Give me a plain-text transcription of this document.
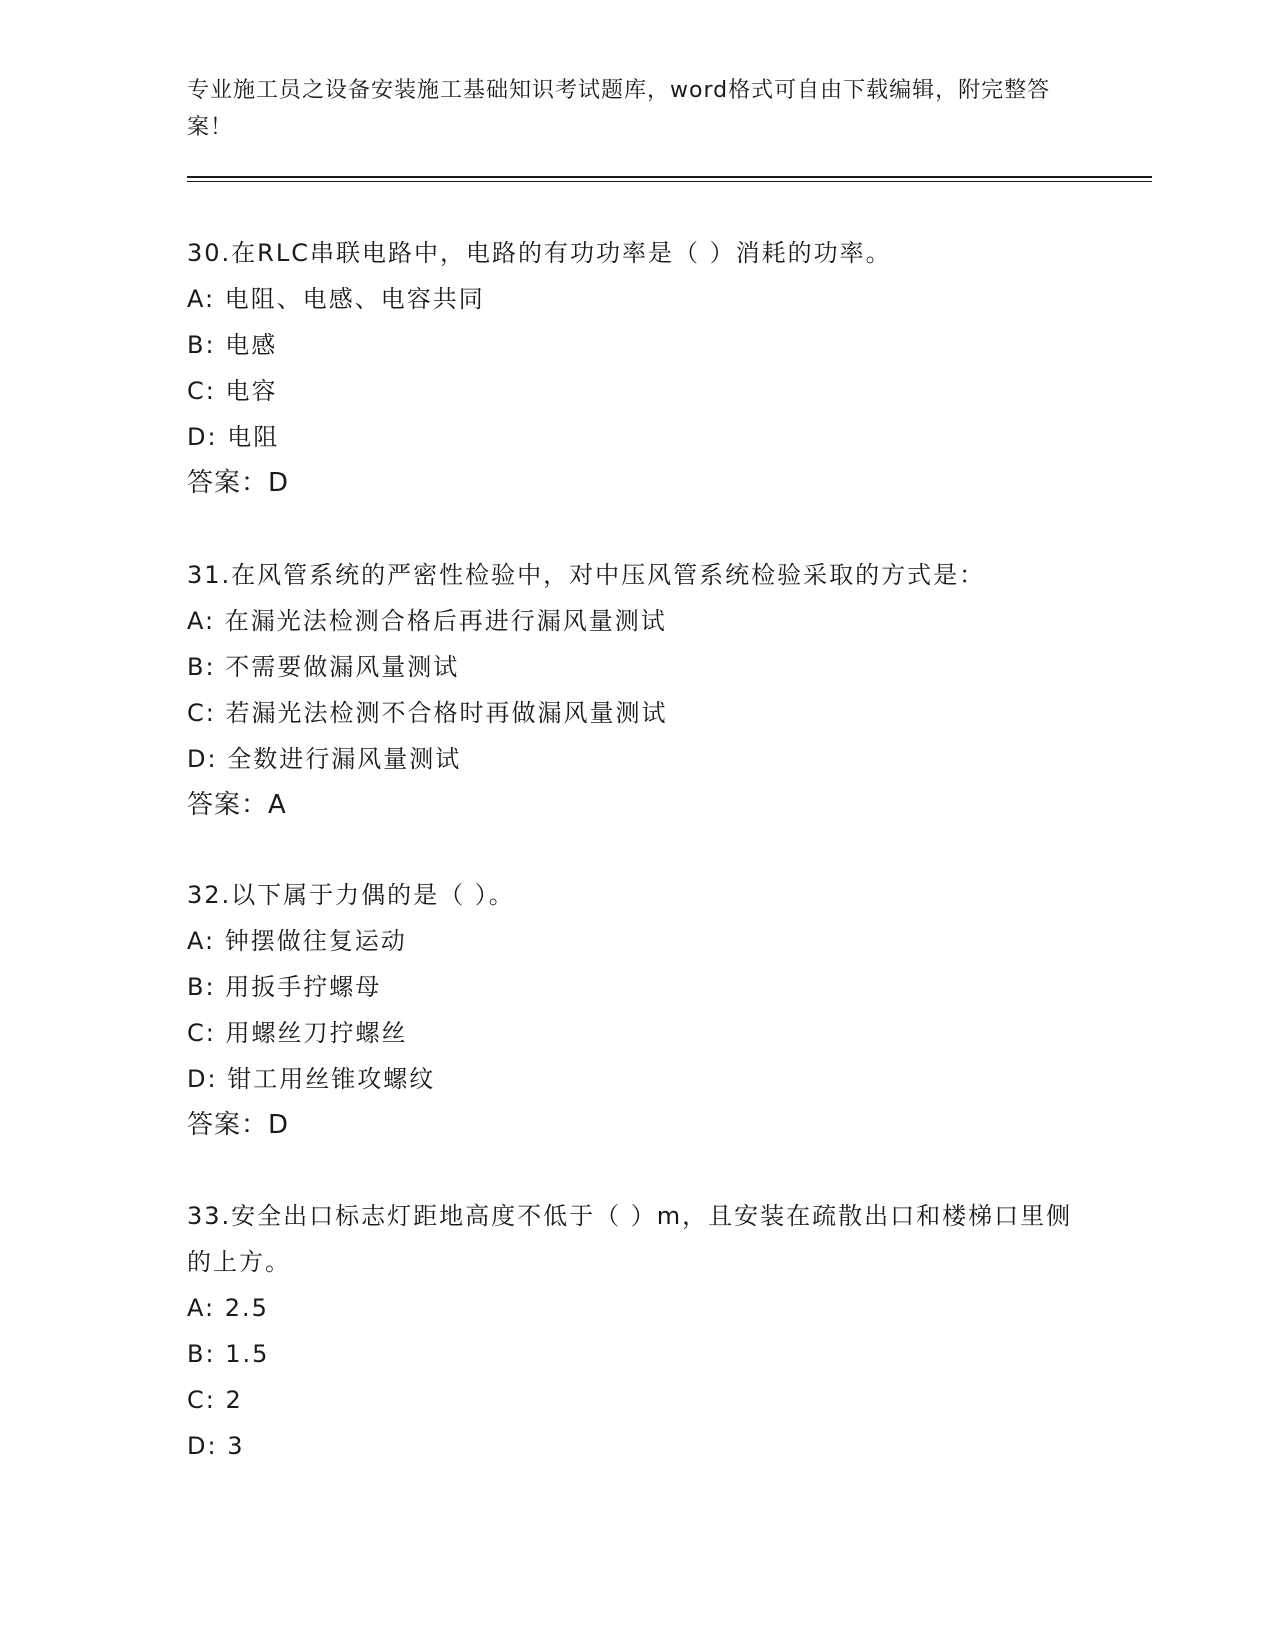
专业施工员之设备安装施工基础知识考试题库，word格式可自由下载编辑，附完整答案！
30.在RLC串联电路中，电路的有功功率是（ ）消耗的功率。
A: 电阻、电感、电容共同
B: 电感
C: 电容
D: 电阻
答案：D
31.在风管系统的严密性检验中，对中压风管系统检验采取的方式是：
A: 在漏光法检测合格后再进行漏风量测试
B: 不需要做漏风量测试
C: 若漏光法检测不合格时再做漏风量测试
D: 全数进行漏风量测试
答案：A
32.以下属于力偶的是（ ）。
A: 钟摆做往复运动
B: 用扳手拧螺母
C: 用螺丝刀拧螺丝
D: 钳工用丝锥攻螺纹
答案：D
33.安全出口标志灯距地高度不低于（ ）m，且安装在疏散出口和楼梯口里侧的上方。
A: 2.5
B: 1.5
C: 2
D: 3
